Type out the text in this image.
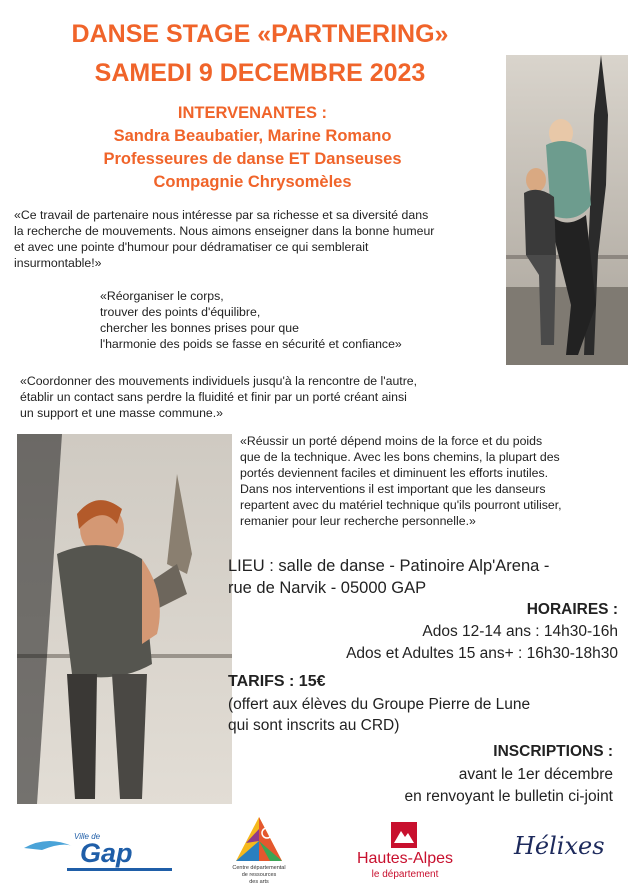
DANSE STAGE «PARTNERING»
SAMEDI 9 DECEMBRE 2023
INTERVENANTES :
Sandra Beaubatier, Marine Romano
Professeures de danse ET Danseuses
Compagnie Chrysomèles
«Ce travail de partenaire nous intéresse par sa richesse et sa diversité dans
la recherche de mouvements. Nous aimons enseigner dans la bonne humeur
et avec une pointe d'humour pour dédramatiser ce qui semblerait
insurmontable!»
«Réorganiser le corps,
trouver des points d'équilibre,
chercher les bonnes prises pour que
l'harmonie des poids se fasse en sécurité et confiance»
«Coordonner des mouvements individuels jusqu'à la rencontre de l'autre,
établir un contact sans perdre la fluidité et finir par un porté créant ainsi
un support et une masse commune.»
«Réussir un porté dépend moins de la force et du poids
que de la technique. Avec les bons chemins, la plupart des
portés deviennent faciles et diminuent les efforts inutiles.
Dans nos interventions il est important que les danseurs
repartent avec du matériel technique qu'ils pourront utiliser,
remanier pour leur recherche personnelle.»
LIEU : salle de danse - Patinoire Alp'Arena -
rue de Narvik - 05000 GAP
HORAIRES :
Ados 12-14 ans : 14h30-16h
Ados et Adultes 15 ans+ : 16h30-18h30
TARIFS : 15€
(offert aux élèves du Groupe Pierre de Lune
qui sont inscrits au CRD)
INSCRIPTIONS :
avant le 1er décembre
en renvoyant le bulletin ci-joint
Ville de
Gap	Centre départemental
de ressources
des arts
Hautes-Alpes
le département
Hélixes
